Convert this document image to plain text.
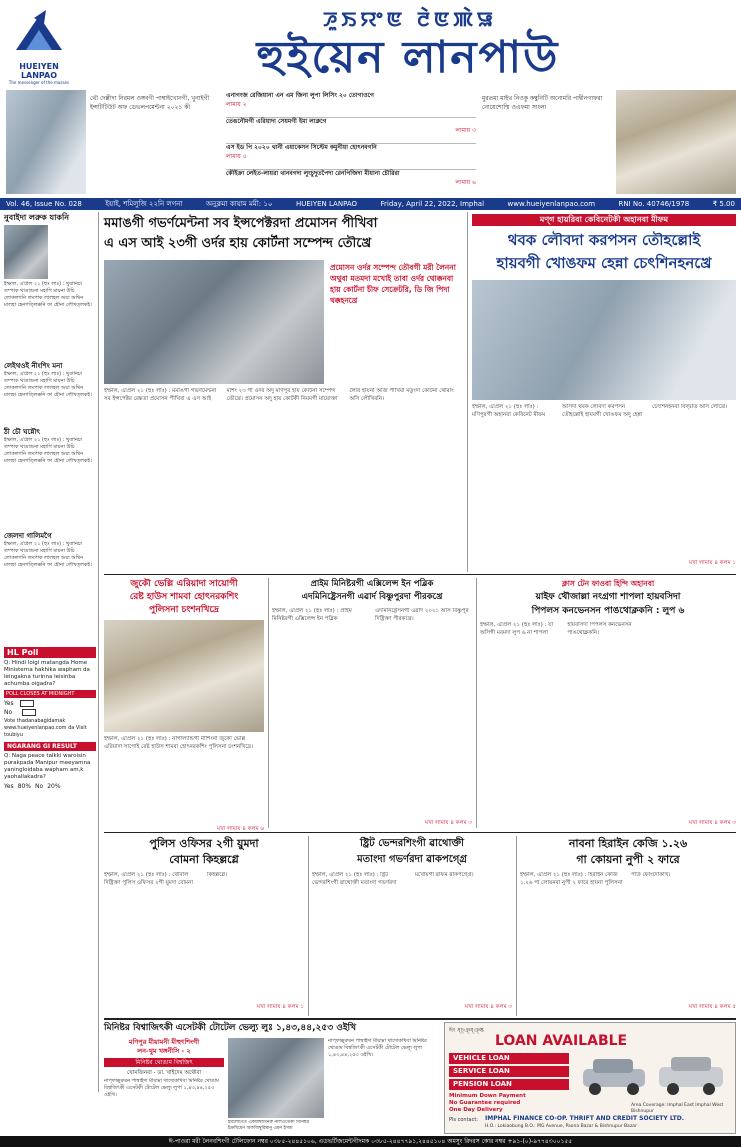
HUEIYEN LANPAO
The messenger of the masses
ꯍꯨꯏꯌꯦꯟ ꯂꯥꯟꯄꯥꯎ
হুইয়েন লানপাউ
থৌ দেল্লীদা নিরমল ওঙ্গবগী পাম্বাইখোনগী, খুনাইগী ইন্সটিটিউট অফ ডেভলপমেন্টনা ২০২১ কী
এনাগংজ রেজিয়ানা এন এম জিনা লুপা লিসিং ২০ তোগাওগে
লামায় ২
তেঙনৌমগী এরিয়াদা সেয়মগী ইমা লাক্লগে
লামায় ৩
এস ইড পি ২০২০ থানী এয়াকেসন সিস্টেম কমুনীয়া হোৎনবগনি
লামায় ৫
কৌইক্রা লেইত-লায়রা থানবগদা লুংচুদুতপৈদা রেনপিজিদা মীয়ানা চৌরিরা
লামায় ৬
মুরতমা মাইথ নিওকু কম্বুনিটি অনোমরি পান্বীনগাফরা নোয়েশোম্মি ওএফমা সাংলা
Vol. 46, Issue No. 028	ইয়াই, শমিলুজি ২২নি লগনা	অনুক্লমা কায়াম মমী: ১০	HUEIYEN LANPAO	Friday, April 22, 2022, Imphal	www.hueiyenlanpao.com	RNI No. 40746/1978	₹ 5.00
নুবাইদা লরুক যাকনি
ইম্ফাল, এপ্রিল ২১ (হুঃ লাঃ) : থুবানিচা তম্পাক থাঙাশুনা মহাগি মায়না উচি লোকলগনি লমপাক লালহল অয়া অথিন মালহা হেনগত্লিক্কনি ফা হৌনা লৌখত্লকই।
লেইথওই নীংশিং মনা
ইম্ফাল, এপ্রিল ২১ (হুঃ লাঃ) : থুবানিচা তম্পাক থাঙাশুনা মহাগি মায়না উচি লোকলগনি লমপাক লালহল অয়া অথিন মালহা হেনগত্লিক্কনি ফা হৌনা লৌখত্লকই।
ঠী চৌ ঘন্নৌৎ
ইম্ফাল, এপ্রিল ২১ (হুঃ লাঃ) : থুবানিচা তম্পাক থাঙাশুনা মহাগি মায়না উচি লোকলগনি লমপাক লালহল অয়া অথিন মালহা হেনগত্লিক্কনি ফা হৌনা লৌখত্লকই।
জেলদা গালিমগৈ
ইম্ফাল, এপ্রিল ২১ (হুঃ লাঃ) : থুবানিচা তম্পাক থাঙাশুনা মহাগি মায়না উচি লোকলগনি লমপাক লালহল অয়া অথিন মালহা হেনগত্লিক্কনি ফা হৌনা লৌখত্লকই।
HL Poll
Q: Hindi loigi matangda Home Ministerna hakhika wapham da leingakna turinna leisinba achumba oigadra?
POLL CLOSES AT MIDNIGHT
Yes
No
Vote thadanabagidamak www.hueiyenlanpao.com da Visit toubiyu
NGARANG GI RESULT
Q: Naga peace talkki waroisin purakpada Manipur meeyamna yaningloidaba wapham am,k yaohallakadra?
Yes 80% No 20%
মমাঙগী গভর্ণমেন্টনা সব ইন্সপেক্টরদা প্রমোসন পীখিবা
এ এস আই ২৩গী ওর্দর হায় কোর্টনা সম্পেন্দ তৌখ্রে
প্রমোসন ওর্দর সম্পেন্দ তৌবগী মরী লৈননা অথুবা মতমদা মখোই তাবা ওর্দর থোক্কনবা হায় কোর্টনা চীফ সেক্রেটরি, ডি জি পিদা থক্কহনখ্রে
ইম্ফাল, এপ্রিল ২১ (হুঃ লাঃ) : মমাঙগী গভর্ণমেন্টনা সব ইন্সপেক্টর রেঙ্কতা প্রমোসন পীখিবা এ এস আই মশিং ২৩ গী ওর্দর অদু মণিপুর হায় কোর্টনা সম্পেন্দ তৌখ্রে। প্রমোসন অদু হায় কোর্টকী নিয়মগী মায়োক্তা লৈরি হায়না অর্জি পীখিবা মতুংদা কোর্টনা থৌরাং অসি লৌখিবনি।
মণ্‌গ হায়রিবা কেবিনেটকী অহানবা মীফম
থবক লৌবদা করপসন তৌহল্লোই
হায়বগী খোঙফম হেন্না চেৎশিনহনখ্রে
ইম্ফাল, এপ্রিল ২১ (হুঃ লাঃ) : মণিপুরগী অহানবা কেবিনেট মীফম অসিদা থবক লৌবদা করপসন তৌহল্লোই হায়বগী খোঙফম অদু হেন্না চেৎশিনহনবা বিদ্দ্বাত অসি লৌখ্রে।
মখা লামায় ৪ কলম ১
জুকৌ ভেল্লি এরিয়াদা সায়োগী
রেষ্ট হাউস শামবা হোৎনরকশিং
পুলিসনা চংশনখিদ্রে
ইম্ফাল, এপ্রিল ২১ (হুঃ লাঃ) : নাগাল্যান্ডগী মীশিংনা জুকৌ ভেল্লি এরিয়াদা সাগোই রেষ্ট হাউস শামবা হোৎনরকশিং পুলিসনা চংশনখিদ্রে।
মখা লামায় ৪ কলম ৬
প্রাইম মিনিষ্টরগী এক্সিলেন্স ইন পব্লিক
এদমিনিষ্ট্রেসনগী এৱার্দ বিষ্ণুপুরদা পীরকখ্রে
ইম্ফাল, এপ্রিল ২১ (হুঃ লাঃ) : প্রাইম মিনিষ্টরগী এক্সিলেন্স ইন পব্লিক এদমিনিষ্ট্রেসনগী এৱার্দ ২০২১ অসি বিষ্ণুপুর দিষ্ট্রিক্তা পীরকখ্রে।
মখা লামায় ৪ কলম ৩
ক্লাস টেন ফাওবা হিন্দি অহানবা
য়াইফ থৌজাল্লা নংগ্রগা শাপলা হায়বসিদা
পিপলস কনভেনসন পাঙথোক্লকনি : লুপ ৬
ইম্ফাল, এপ্রিল ২১ (হুঃ লাঃ) : যা অসিগী মরমদা লুপ ৬ না শাপলা হায়বসিদা পিপলস কনভেনসন পাঙথোক্লকনি।
মখা লামায় ৪ কলম ৩
পুলিস ওফিসর ২গী য়ুমদা
বোমনা কিহল্লগ্লে
ইম্ফাল, এপ্রিল ২১ (হুঃ লাঃ) : থৌবাল দিষ্ট্রিক্তা পুলিস ওফিসর ২গী য়ুমদা বোমনা কিহল্লগ্লে।
মখা লামায় ৪ কলম ১
ষ্ট্রিট ভেন্দরশিংগী ৱাথোক্তী
মতাংদা গভর্ণরদা ৱাকপগ্গ্রে
ইম্ফাল, এপ্রিল ২১ (হুঃ লাঃ) : ষ্ট্রিট ভেন্দরশিংগী ৱাথোক্তী মতাংদা গভর্ণরদা মখোয়গী ৱাফম ৱাকপগ্গ্রে।
মখা লামায় ৪ কলম ৩
নাবনা হিরাইন কেজি ১.২৬
গা কোয়না নুপী ২ ফারে
ইম্ফাল, এপ্রিল ২১ (হুঃ লাঃ) : হিরাইন কেজি ১.২৬ গা লোয়নবা নুপী ২ ফারে হায়না পুলিসনা পাউ ফোংদোকখি।
মখা লামায় ৪ কলম ৫
মিনিষ্টর বিশ্বাজিৎকী এসেটকী টোটেল ভেল্যু লুঃ ১,৪৩,৪৪,২৫৩ ওইখি
মণিপুর মীয়ামনী মীহুৎশিংগী
লন-থুম খঙ্গনীসি - ২
মিনিষ্টর থোঙাম বিশ্বজিৎ
খোমজিনবা - ডা. খাইদেম অথৌবা
নাপ্ফাল্লুরুরন পাম্বাইদা মীয়াম্না থাদোকখিবা মিনিষ্টর থোঙাম বিশ্বজিৎকী এসেটকী টোটেল ভেল্যু লুপা ১,৪৩,৪৪,২৫৩ ওইখি।
ইমলেটিতে একান্নস্থামিনরু নীলওতেকী মিনিষ্টর ইক্রমিয়েন অফজিম্বুরিম্বানু এমন ইসাম
নাপ্ফাল্লুরুরন পাম্বাইদা মীয়াম্না থাদোকখিবা মিনিষ্টর থোঙাম বিশ্বজিৎকী এসেটকী টোটেল ভেল্যু লুপা ১,৪৩,৪৪,২৫৩ ওইখি।
ঈং ষ্চ্ঞ্ষ্ঞ্ষ্ক
LOAN AVAILABLE
VEHICLE LOAN
SERVICE LOAN
PENSION LOAN
Minimum Down Payment
No Guarantee required
One Day Delivery
Area Coverage: Imphal East Imphal West Bishnupur
Pls contact: IMPHAL FINANCE CO-OP. THRIFT AND CREDIT SOCIETY LTD.
H.O.: Lokiaobung B.O.: MG Avenue, Paona Bazar & Bishnupur Bazar
ঈ-পাওরা মরী লৈনবশিংগী টেলিফোন নম্বর ০৩৮৫-২৪৪৫১০৬, এডভর্টিজমেন্টগীদমক ০৩৮৫-২৪৪৭৭৯১,২৪৪৫১০৪ অমসুং রিদরস কোর নম্বর +৯১-(০)-৯৭৭৪৩০০১৫৫
